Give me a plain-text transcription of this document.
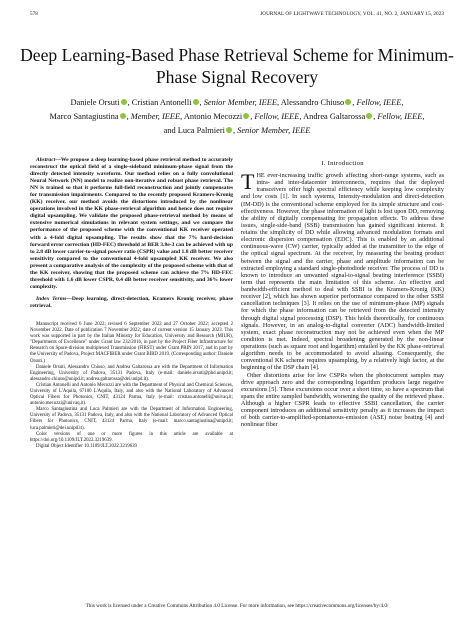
578	JOURNAL OF LIGHTWAVE TECHNOLOGY, VOL. 41, NO. 2, JANUARY 15, 2023
Deep Learning-Based Phase Retrieval Scheme for Minimum-Phase Signal Recovery
Daniele Orsuti , Cristian Antonelli , Senior Member, IEEE, Alessandro Chiuso , Fellow, IEEE,
Marco Santagiustina , Member, IEEE, Antonio Mecozzi , Fellow, IEEE, Andrea Galtarossa , Fellow, IEEE,
and Luca Palmieri , Senior Member, IEEE

Abstract—We propose a deep learning-based phase retrieval method to accurately reconstruct the optical field of a single-sideband minimum-phase signal from the directly detected intensity waveform. Our method relies on a fully convolutional Neural Network (NN) model to realize non-iterative and robust phase retrieval. The NN is trained so that it performs full-field reconstruction and jointly compensates for transmission impairments. Compared to the recently proposed Kramers-Kronig (KK) receiver, our method avoids the distortions introduced by the nonlinear operations involved in the KK phase-retrieval algorithm and hence does not require digital upsampling. We validate the proposed phase-retrieval method by means of extensive numerical simulations in relevant system settings, and we compare the performance of the proposed scheme with the conventional KK receiver operated with a 4-fold digital upsampling. The results show that the 7% hard-decision forward error correction (HD-FEC) threshold at BER 3.8e-3 can be achieved with up to 2.8 dB lower carrier-to-signal power ratio (CSPR) value and 1.8 dB better receiver sensitivity compared to the conventional 4-fold upsampled KK receiver. We also present a comparative analysis of the complexity of the proposed scheme with that of the KK receiver, showing that the proposed scheme can achieve the 7% HD-FEC threshold with 1.6 dB lower CSPR, 0.4 dB better receiver sensitivity, and 36% lower complexity.

Index Terms—Deep learning, direct-detection, Kramers Kronig receiver, phase retrieval.

Manuscript received 6 June 2022; revised 6 September 2022 and 27 October 2022; accepted 2 November 2022. Date of publication 7 November 2022; date of current version 15 January 2023. This work was supported in part by the Italian Ministry for Education, University and Research (MIUR), "Departments of Excellence" under Grant law 232/2016, in part by the Project Fiber Infrastructure for Research on Space-division multiplexed Transmission (FIRST) under Grant PRIN 2017, and in part by the University of Padova, Project MACFIBER under Grant BIRD 2019. (Corresponding author: Daniele Orsuti.)

Daniele Orsuti, Alessandro Chiuso, and Andrea Galtarossa are with the Department of Information Engineering, University of Padova, 35131 Padova, Italy (e-mail: daniele.orsuti@phd.unipd.it; alessandro.chiuso@unipd.it; andrea.galtarossa@dei.unipd.it).

Cristian Antonelli and Antonio Mecozzi are with the Department of Physical and Chemical Sciences, University of L'Aquila, 67100 L'Aquila, Italy, and also with the National Laboratory of Advanced Optical Fibers for Photonics, CNIT, 43124 Parma, Italy (e-mail: cristian.antonelli@univaq.it; antonio.mecozzi@univaq.it).

Marco Santagiustina and Luca Palmieri are with the Department of Information Engineering, University of Padova, 35131 Padova, Italy, and also with the National Laboratory of Advanced Optical Fibers for Photonics, CNIT, 43124 Parma, Italy (e-mail: marco.santagiustina@unipd.it; luca.palmieri@dei.unipd.it).

Color versions of one or more figures in this article are available at https://doi.org/10.1109/JLT.2022.3219639.

Digital Object Identifier 10.1109/JLT.2022.3219639

I. Introduction

THE ever-increasing traffic growth affecting short-range systems, such as intra- and inter-datacenter interconnects, requires that the deployed transceivers offer high spectral efficiency while keeping low complexity and low costs [1]. In such systems, Intensity-modulation and direct-detection (IM-DD) is the conventional scheme employed for its simple structure and cost-effectiveness. However, the phase information of light is lost upon DD, removing the ability of digitally compensating for propagation effects. To address these issues, single-side-band (SSB) transmission has gained significant interest. It retains the simplicity of DD while allowing advanced modulation formats and electronic dispersion compensation (EDC). This is enabled by an additional continuous-wave (CW) carrier, typically added at the transmitter to the edge of the optical signal spectrum. At the receiver, by measuring the beating product between the signal and the carrier, phase and amplitude information can be extracted employing a standard single-photodiode receiver. The process of DD is known to introduce an unwanted signal-to-signal beating interference (SSBI) term that represents the main limitation of this scheme. An effective and bandwidth-efficient method to deal with SSBI is the Kramers-Kronig (KK) receiver [2], which has shown superior performance compared to the other SSBI cancellation techniques [3]. It relies on the use of minimum-phase (MP) signals for which the phase information can be retrieved from the detected intensity through digital signal processing (DSP). This holds theoretically, for continuous signals. However, in an analog-to-digital converter (ADC) bandwidth-limited system, exact phase reconstruction may not be achieved even when the MP condition is met. Indeed, spectral broadening generated by the non-linear operations (such as square root and logarithm) entailed by the KK phase-retrieval algorithm needs to be accommodated to avoid aliasing. Consequently, the conventional KK scheme requires upsampling, by a relatively high factor, at the beginning of the DSP chain [4].

Other distortions arise for low CSPRs when the photocurrent samples may drive approach zero and the corresponding logarithm produces large negative excursions [5]. These excursions occur over a short time, so have a spectrum that spans the entire sampled bandwidth, worsening the quality of the retrieved phase. Although a higher CSPR leads to effective SSBI cancellation, the carrier component introduces an additional sensitivity penalty as it increases the impact of both carrier-to-amplified-spontaneous-emission (ASE) noise beating [4] and nonlinear fiber

This work is licensed under a Creative Commons Attribution 4.0 License. For more information, see https://creativecommons.org/licenses/by/4.0/
